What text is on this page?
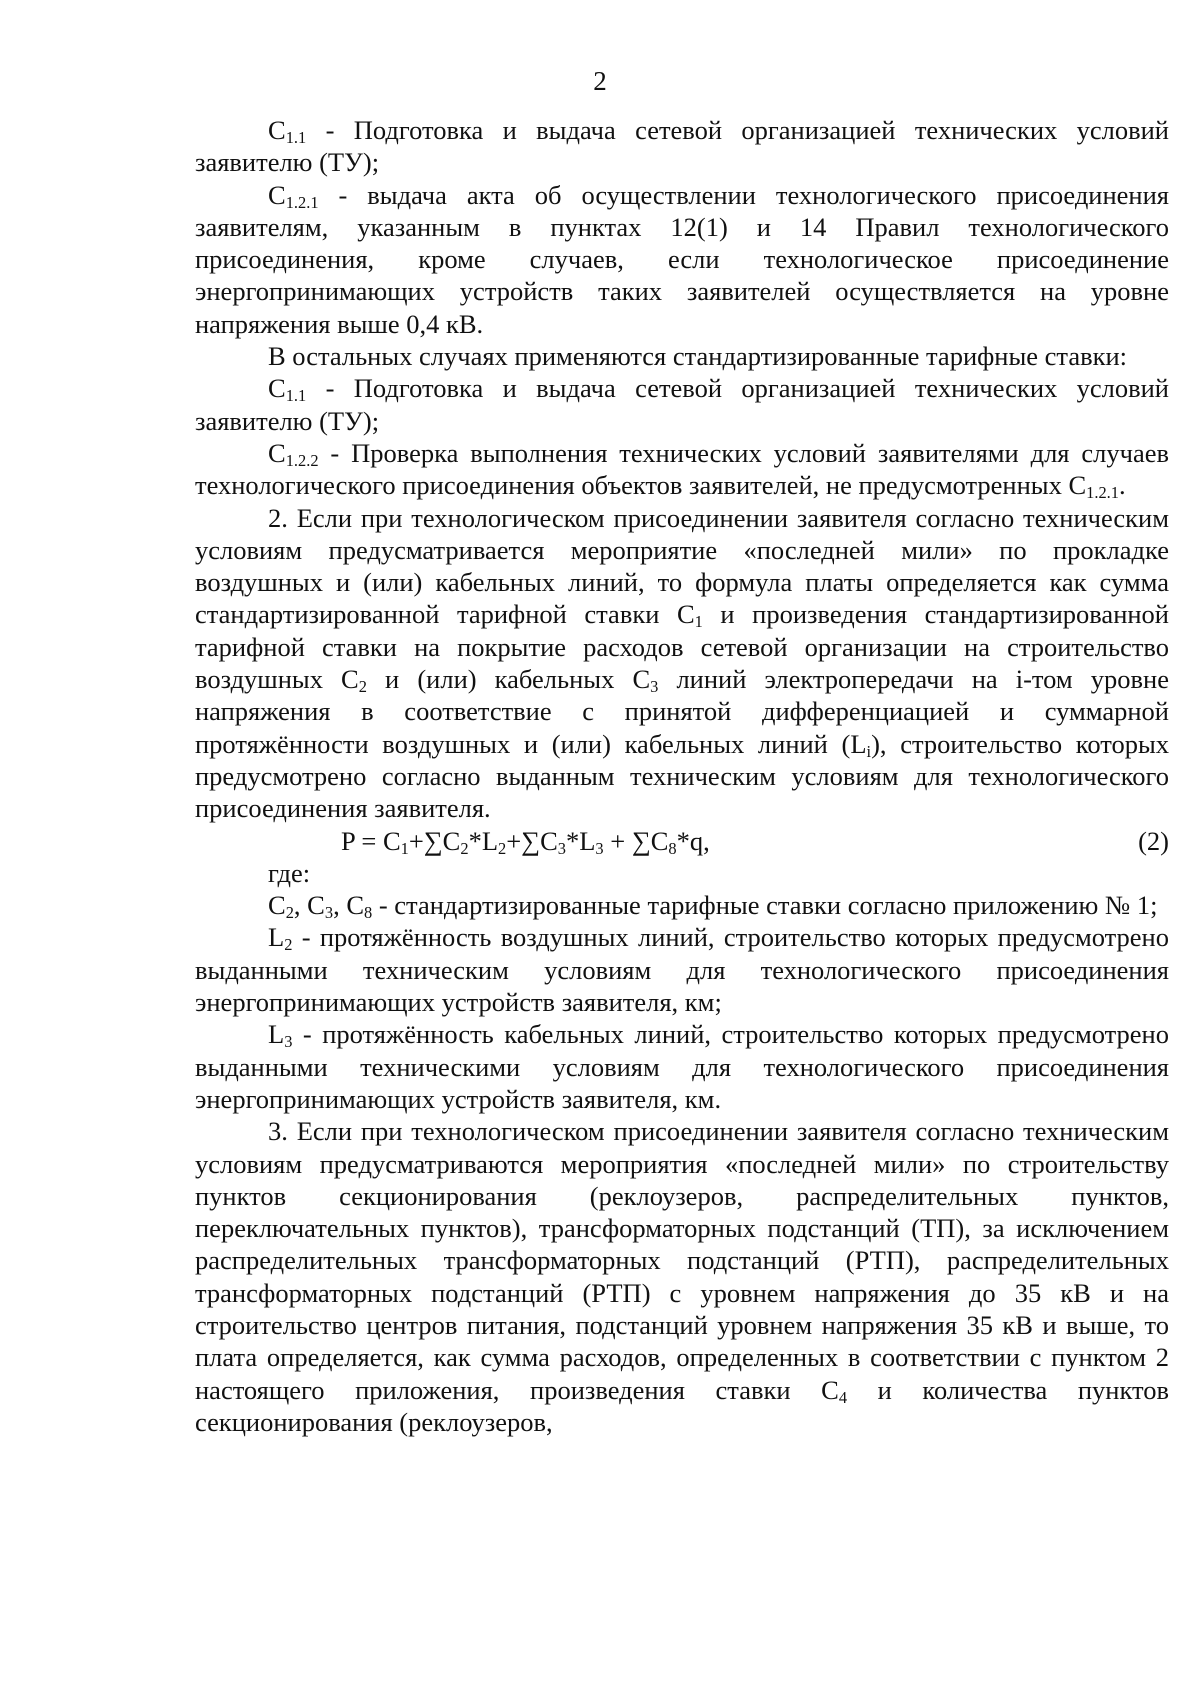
2

$C_{1.1}$ - Подготовка и выдача сетевой организацией технических условий заявителю (ТУ);

$C_{1.2.1}$ - выдача акта об осуществлении технологического присоединения заявителям, указанным в пунктах 12(1) и 14 Правил технологического присоединения, кроме случаев, если технологическое присоединение энергопринимающих устройств таких заявителей осуществляется на уровне напряжения выше 0,4 кВ.

В остальных случаях применяются стандартизированные тарифные ставки:

$C_{1.1}$ - Подготовка и выдача сетевой организацией технических условий заявителю (ТУ);

$C_{1.2.2}$ - Проверка выполнения технических условий заявителями для случаев технологического присоединения объектов заявителей, не предусмотренных $C_{1.2.1}$.

2. Если при технологическом присоединении заявителя согласно техническим условиям предусматривается мероприятие «последней мили» по прокладке воздушных и (или) кабельных линий, то формула платы определяется как сумма стандартизированной тарифной ставки $C_1$ и произведения стандартизированной тарифной ставки на покрытие расходов сетевой организации на строительство воздушных $C_2$ и (или) кабельных $C_3$ линий электропередачи на i-том уровне напряжения в соответствие с принятой дифференциацией и суммарной протяжённости воздушных и (или) кабельных линий $(L_i)$, строительство которых предусмотрено согласно выданным техническим условиям для технологического присоединения заявителя.

$P = C_1+\sum C_2*L_2+\sum C_3*L_3 + \sum C_8*q$,	(2)

где:

$C_2$, $C_3$, $C_8$ - стандартизированные тарифные ставки согласно приложению № 1;

$L_2$ - протяжённость воздушных линий, строительство которых предусмотрено выданными техническим условиям для технологического присоединения энергопринимающих устройств заявителя, км;

$L_3$ - протяжённость кабельных линий, строительство которых предусмотрено выданными техническими условиям для технологического присоединения энергопринимающих устройств заявителя, км.

3. Если при технологическом присоединении заявителя согласно техническим условиям предусматриваются мероприятия «последней мили» по строительству пунктов секционирования (реклоузеров, распределительных пунктов, переключательных пунктов), трансформаторных подстанций (ТП), за исключением распределительных трансформаторных подстанций (РТП), распределительных трансформаторных подстанций (РТП) с уровнем напряжения до 35 кВ и на строительство центров питания, подстанций уровнем напряжения 35 кВ и выше, то плата определяется, как сумма расходов, определенных в соответствии с пунктом 2 настоящего приложения, произведения ставки $C_4$ и количества пунктов секционирования (реклоузеров,
